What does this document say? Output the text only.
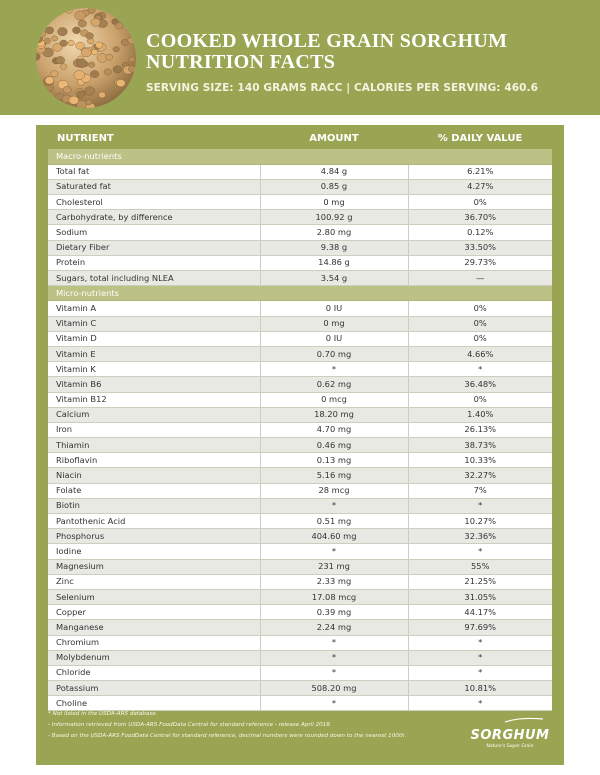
COOKED WHOLE GRAIN SORGHUM
NUTRITION FACTS
SERVING SIZE: 140 GRAMS RACC | CALORIES PER SERVING: 460.6
NUTRIENT	AMOUNT	% DAILY VALUE
Macro-nutrients		
Total fat	4.84 g	6.21%
Saturated fat	0.85 g	4.27%
Cholesterol	0 mg	0%
Carbohydrate, by difference	100.92 g	36.70%
Sodium	2.80 mg	0.12%
Dietary Fiber	9.38 g	33.50%
Protein	14.86 g	29.73%
Sugars, total including NLEA	3.54 g	—
Micro-nutrients		
Vitamin A	0 IU	0%
Vitamin C	0 mg	0%
Vitamin D	0 IU	0%
Vitamin E	0.70 mg	4.66%
Vitamin K	*	*
Vitamin B6	0.62 mg	36.48%
Vitamin B12	0 mcg	0%
Calcium	18.20 mg	1.40%
Iron	4.70 mg	26.13%
Thiamin	0.46 mg	38.73%
Riboflavin	0.13 mg	10.33%
Niacin	5.16 mg	32.27%
Folate	28 mcg	7%
Biotin	*	*
Pantothenic Acid	0.51 mg	10.27%
Phosphorus	404.60 mg	32.36%
Iodine	*	*
Magnesium	231 mg	55%
Zinc	2.33 mg	21.25%
Selenium	17.08 mcg	31.05%
Copper	0.39 mg	44.17%
Manganese	2.24 mg	97.69%
Chromium	*	*
Molybdenum	*	*
Chloride	*	*
Potassium	508.20 mg	10.81%
Choline	*	*
* Not listed in the USDA-ARS database.
- Information retrieved from USDA-ARS FoodData Central for standard reference - release April 2018.
- Based on the USDA-ARS FoodData Central for standard reference, decimal numbers were rounded down to the nearest 100th.	SORGHUM
Nature's Super Grain
